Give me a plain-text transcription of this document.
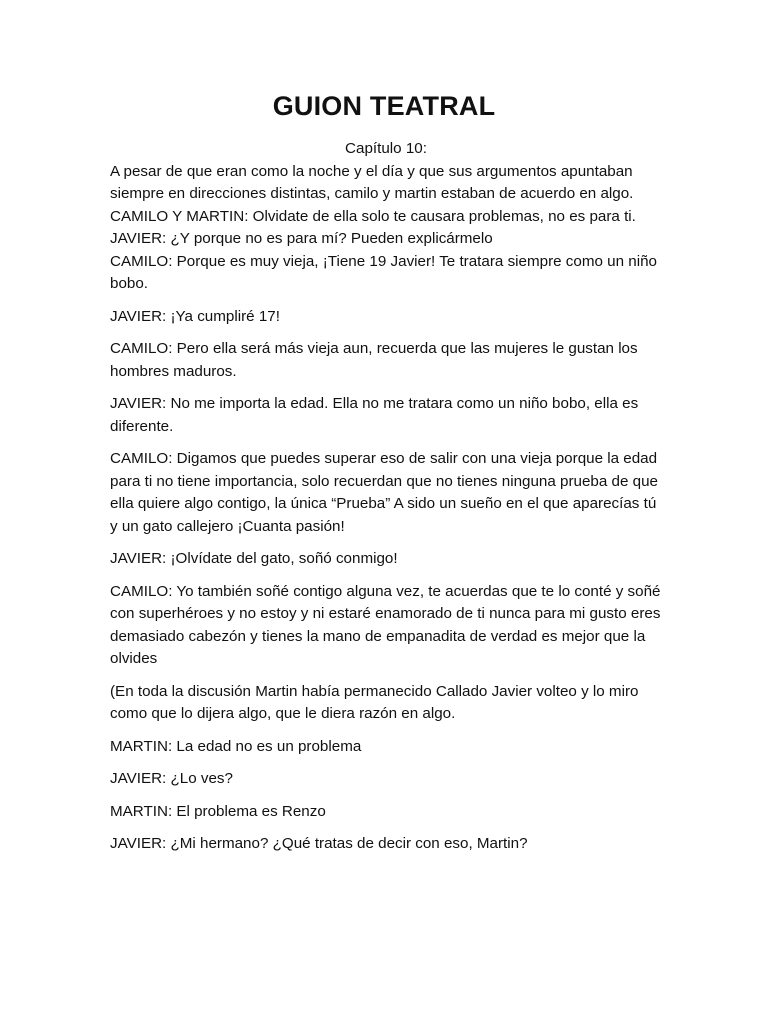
GUION TEATRAL

Capítulo 10:

A pesar de que eran como la noche y el día y que sus argumentos apuntaban siempre en direcciones distintas, camilo y martin estaban de acuerdo en algo.

CAMILO Y MARTIN: Olvidate de ella solo te causara problemas, no es para ti.

JAVIER: ¿Y porque no es para mí? Pueden explicármelo

CAMILO: Porque es muy vieja, ¡Tiene 19 Javier! Te tratara siempre como un niño bobo.

JAVIER: ¡Ya cumpliré 17!

CAMILO: Pero ella será más vieja aun, recuerda que las mujeres le gustan los hombres maduros.

JAVIER: No me importa la edad. Ella no me tratara como un niño bobo, ella es diferente.

CAMILO: Digamos que puedes superar eso de salir con una vieja porque la edad para ti no tiene importancia, solo recuerdan que no tienes ninguna prueba de que ella quiere algo contigo, la única “Prueba” A sido un sueño en el que aparecías tú y un gato callejero ¡Cuanta pasión!

JAVIER: ¡Olvídate del gato, soñó conmigo!

CAMILO: Yo también soñé contigo alguna vez, te acuerdas que te lo conté y soñé con superhéroes y no estoy y ni estaré enamorado de ti nunca para mi gusto eres demasiado cabezón y tienes la mano de empanadita de verdad es mejor que la olvides

(En toda la discusión Martin había permanecido Callado Javier volteo y lo miro como que lo dijera algo, que le diera razón en algo.

MARTIN: La edad no es un problema

JAVIER: ¿Lo ves?

MARTIN: El problema es Renzo

JAVIER: ¿Mi hermano? ¿Qué tratas de decir con eso, Martin?
